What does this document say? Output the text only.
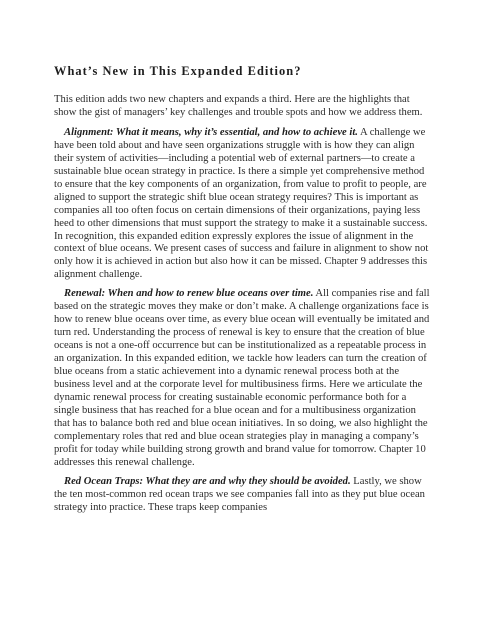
What’s New in This Expanded Edition?

This edition adds two new chapters and expands a third. Here are the highlights that show the gist of managers’ key challenges and trouble spots and how we address them.

Alignment: What it means, why it’s essential, and how to achieve it. A challenge we have been told about and have seen organizations struggle with is how they can align their system of activities—including a potential web of external partners—to create a sustainable blue ocean strategy in practice. Is there a simple yet comprehensive method to ensure that the key components of an organization, from value to profit to people, are aligned to support the strategic shift blue ocean strategy requires? This is important as companies all too often focus on certain dimensions of their organizations, paying less heed to other dimensions that must support the strategy to make it a sustainable success. In recognition, this expanded edition expressly explores the issue of alignment in the context of blue oceans. We present cases of success and failure in alignment to show not only how it is achieved in action but also how it can be missed. Chapter 9 addresses this alignment challenge.

Renewal: When and how to renew blue oceans over time. All companies rise and fall based on the strategic moves they make or don’t make. A challenge organizations face is how to renew blue oceans over time, as every blue ocean will eventually be imitated and turn red. Understanding the process of renewal is key to ensure that the creation of blue oceans is not a one-off occurrence but can be institutionalized as a repeatable process in an organization. In this expanded edition, we tackle how leaders can turn the creation of blue oceans from a static achievement into a dynamic renewal process both at the business level and at the corporate level for multibusiness firms. Here we articulate the dynamic renewal process for creating sustainable economic performance both for a single business that has reached for a blue ocean and for a multibusiness organization that has to balance both red and blue ocean initiatives. In so doing, we also highlight the complementary roles that red and blue ocean strategies play in managing a company’s profit for today while building strong growth and brand value for tomorrow. Chapter 10 addresses this renewal challenge.

Red Ocean Traps: What they are and why they should be avoided. Lastly, we show the ten most-common red ocean traps we see companies fall into as they put blue ocean strategy into practice. These traps keep companies
